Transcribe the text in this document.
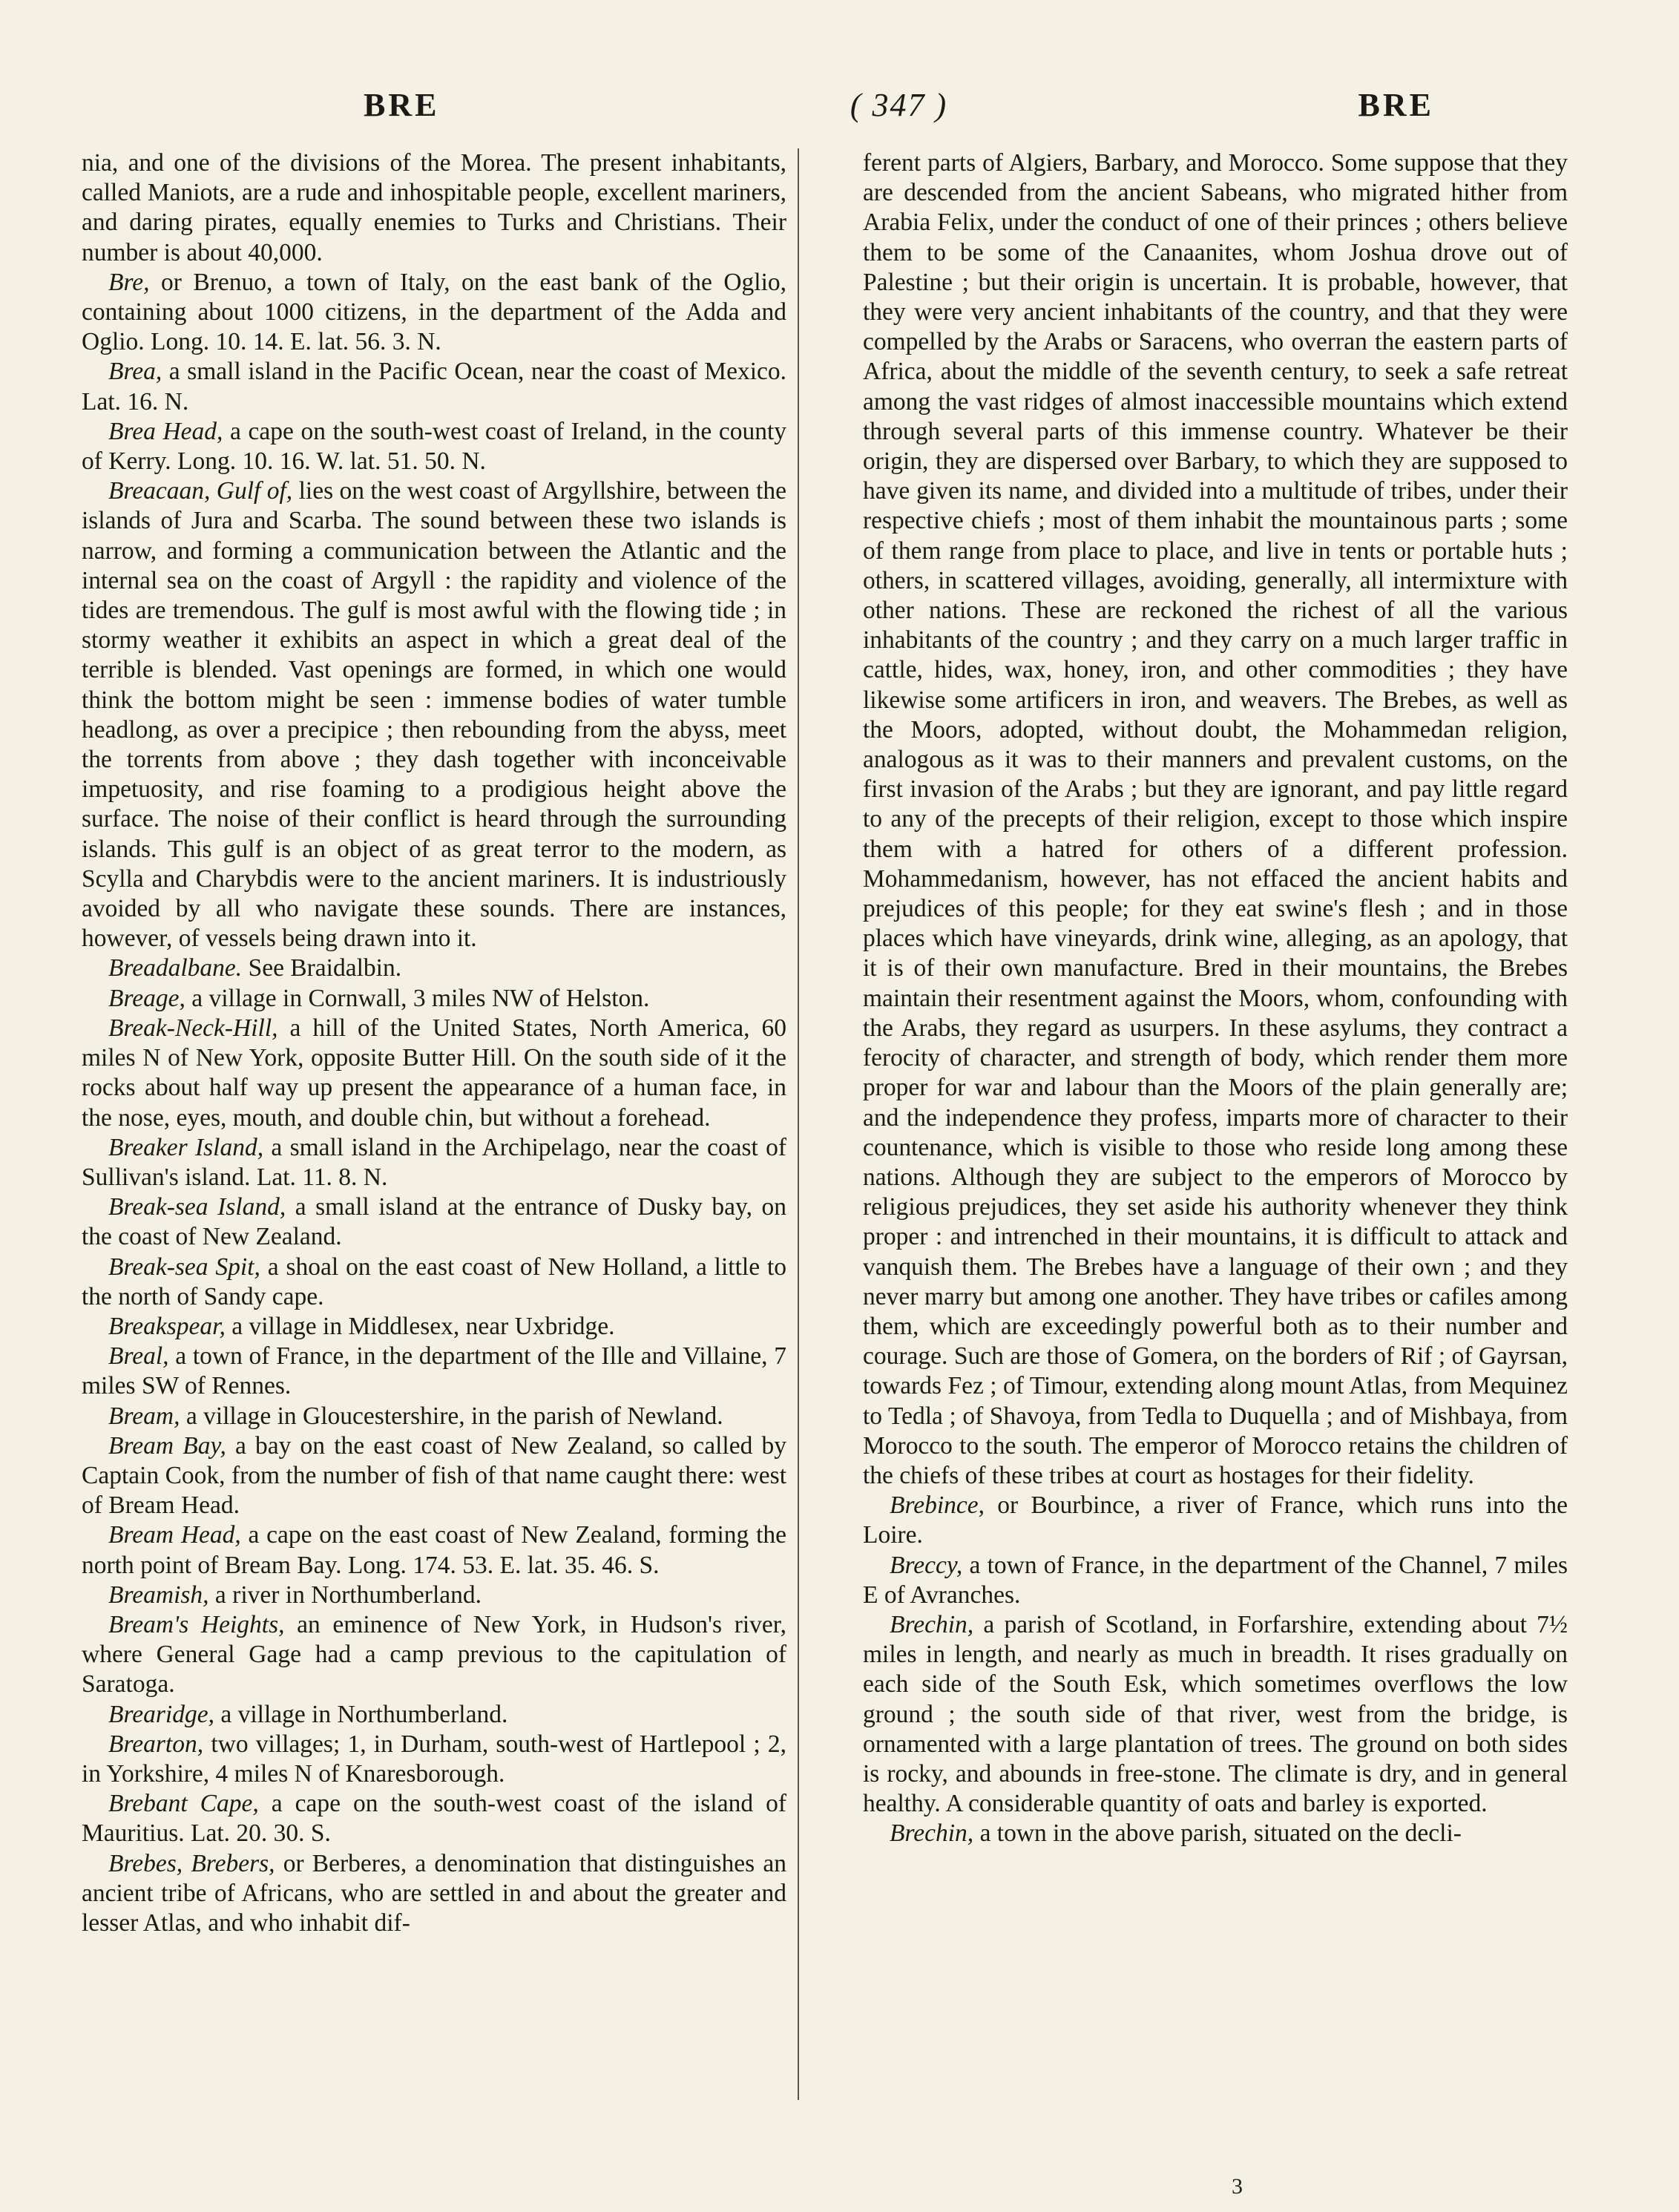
BRE	( 347 )	BRE

nia, and one of the divisions of the Morea. The present inhabitants, called Maniots, are a rude and inhospitable people, excellent mariners, and daring pirates, equally enemies to Turks and Christians. Their number is about 40,000.

Bre, or Brenuo, a town of Italy, on the east bank of the Oglio, containing about 1000 citizens, in the department of the Adda and Oglio. Long. 10. 14. E. lat. 56. 3. N.

Brea, a small island in the Pacific Ocean, near the coast of Mexico. Lat. 16. N.

Brea Head, a cape on the south-west coast of Ireland, in the county of Kerry. Long. 10. 16. W. lat. 51. 50. N.

Breacaan, Gulf of, lies on the west coast of Argyllshire, between the islands of Jura and Scarba. The sound between these two islands is narrow, and forming a communication between the Atlantic and the internal sea on the coast of Argyll : the rapidity and violence of the tides are tremendous. The gulf is most awful with the flowing tide ; in stormy weather it exhibits an aspect in which a great deal of the terrible is blended. Vast openings are formed, in which one would think the bottom might be seen : immense bodies of water tumble headlong, as over a precipice ; then rebounding from the abyss, meet the torrents from above ; they dash together with inconceivable impetuosity, and rise foaming to a prodigious height above the surface. The noise of their conflict is heard through the surrounding islands. This gulf is an object of as great terror to the modern, as Scylla and Charybdis were to the ancient mariners. It is industriously avoided by all who navigate these sounds. There are instances, however, of vessels being drawn into it.

Breadalbane. See Braidalbin.

Breage, a village in Cornwall, 3 miles NW of Helston.

Break-Neck-Hill, a hill of the United States, North America, 60 miles N of New York, opposite Butter Hill. On the south side of it the rocks about half way up present the appearance of a human face, in the nose, eyes, mouth, and double chin, but without a forehead.

Breaker Island, a small island in the Archipelago, near the coast of Sullivan's island. Lat. 11. 8. N.

Break-sea Island, a small island at the entrance of Dusky bay, on the coast of New Zealand.

Break-sea Spit, a shoal on the east coast of New Holland, a little to the north of Sandy cape.

Breakspear, a village in Middlesex, near Uxbridge.

Breal, a town of France, in the department of the Ille and Villaine, 7 miles SW of Rennes.

Bream, a village in Gloucestershire, in the parish of Newland.

Bream Bay, a bay on the east coast of New Zealand, so called by Captain Cook, from the number of fish of that name caught there: west of Bream Head.

Bream Head, a cape on the east coast of New Zealand, forming the north point of Bream Bay. Long. 174. 53. E. lat. 35. 46. S.

Breamish, a river in Northumberland.

Bream's Heights, an eminence of New York, in Hudson's river, where General Gage had a camp previous to the capitulation of Saratoga.

Brearidge, a village in Northumberland.

Brearton, two villages; 1, in Durham, south-west of Hartlepool ; 2, in Yorkshire, 4 miles N of Knaresborough.

Brebant Cape, a cape on the south-west coast of the island of Mauritius. Lat. 20. 30. S.

Brebes, Brebers, or Berberes, a denomination that distinguishes an ancient tribe of Africans, who are settled in and about the greater and lesser Atlas, and who inhabit dif-

ferent parts of Algiers, Barbary, and Morocco. Some suppose that they are descended from the ancient Sabeans, who migrated hither from Arabia Felix, under the conduct of one of their princes ; others believe them to be some of the Canaanites, whom Joshua drove out of Palestine ; but their origin is uncertain. It is probable, however, that they were very ancient inhabitants of the country, and that they were compelled by the Arabs or Saracens, who overran the eastern parts of Africa, about the middle of the seventh century, to seek a safe retreat among the vast ridges of almost inaccessible mountains which extend through several parts of this immense country. Whatever be their origin, they are dispersed over Barbary, to which they are supposed to have given its name, and divided into a multitude of tribes, under their respective chiefs ; most of them inhabit the mountainous parts ; some of them range from place to place, and live in tents or portable huts ; others, in scattered villages, avoiding, generally, all intermixture with other nations. These are reckoned the richest of all the various inhabitants of the country ; and they carry on a much larger traffic in cattle, hides, wax, honey, iron, and other commodities ; they have likewise some artificers in iron, and weavers. The Brebes, as well as the Moors, adopted, without doubt, the Mohammedan religion, analogous as it was to their manners and prevalent customs, on the first invasion of the Arabs ; but they are ignorant, and pay little regard to any of the precepts of their religion, except to those which inspire them with a hatred for others of a different profession. Mohammedanism, however, has not effaced the ancient habits and prejudices of this people; for they eat swine's flesh ; and in those places which have vineyards, drink wine, alleging, as an apology, that it is of their own manufacture. Bred in their mountains, the Brebes maintain their resentment against the Moors, whom, confounding with the Arabs, they regard as usurpers. In these asylums, they contract a ferocity of character, and strength of body, which render them more proper for war and labour than the Moors of the plain generally are; and the independence they profess, imparts more of character to their countenance, which is visible to those who reside long among these nations. Although they are subject to the emperors of Morocco by religious prejudices, they set aside his authority whenever they think proper : and intrenched in their mountains, it is difficult to attack and vanquish them. The Brebes have a language of their own ; and they never marry but among one another. They have tribes or cafiles among them, which are exceedingly powerful both as to their number and courage. Such are those of Gomera, on the borders of Rif ; of Gayrsan, towards Fez ; of Timour, extending along mount Atlas, from Mequinez to Tedla ; of Shavoya, from Tedla to Duquella ; and of Mishbaya, from Morocco to the south. The emperor of Morocco retains the children of the chiefs of these tribes at court as hostages for their fidelity.

Brebince, or Bourbince, a river of France, which runs into the Loire.

Breccy, a town of France, in the department of the Channel, 7 miles E of Avranches.

Brechin, a parish of Scotland, in Forfarshire, extending about 7½ miles in length, and nearly as much in breadth. It rises gradually on each side of the South Esk, which sometimes overflows the low ground ; the south side of that river, west from the bridge, is ornamented with a large plantation of trees. The ground on both sides is rocky, and abounds in free-stone. The climate is dry, and in general healthy. A considerable quantity of oats and barley is exported.

Brechin, a town in the above parish, situated on the decli-

3
